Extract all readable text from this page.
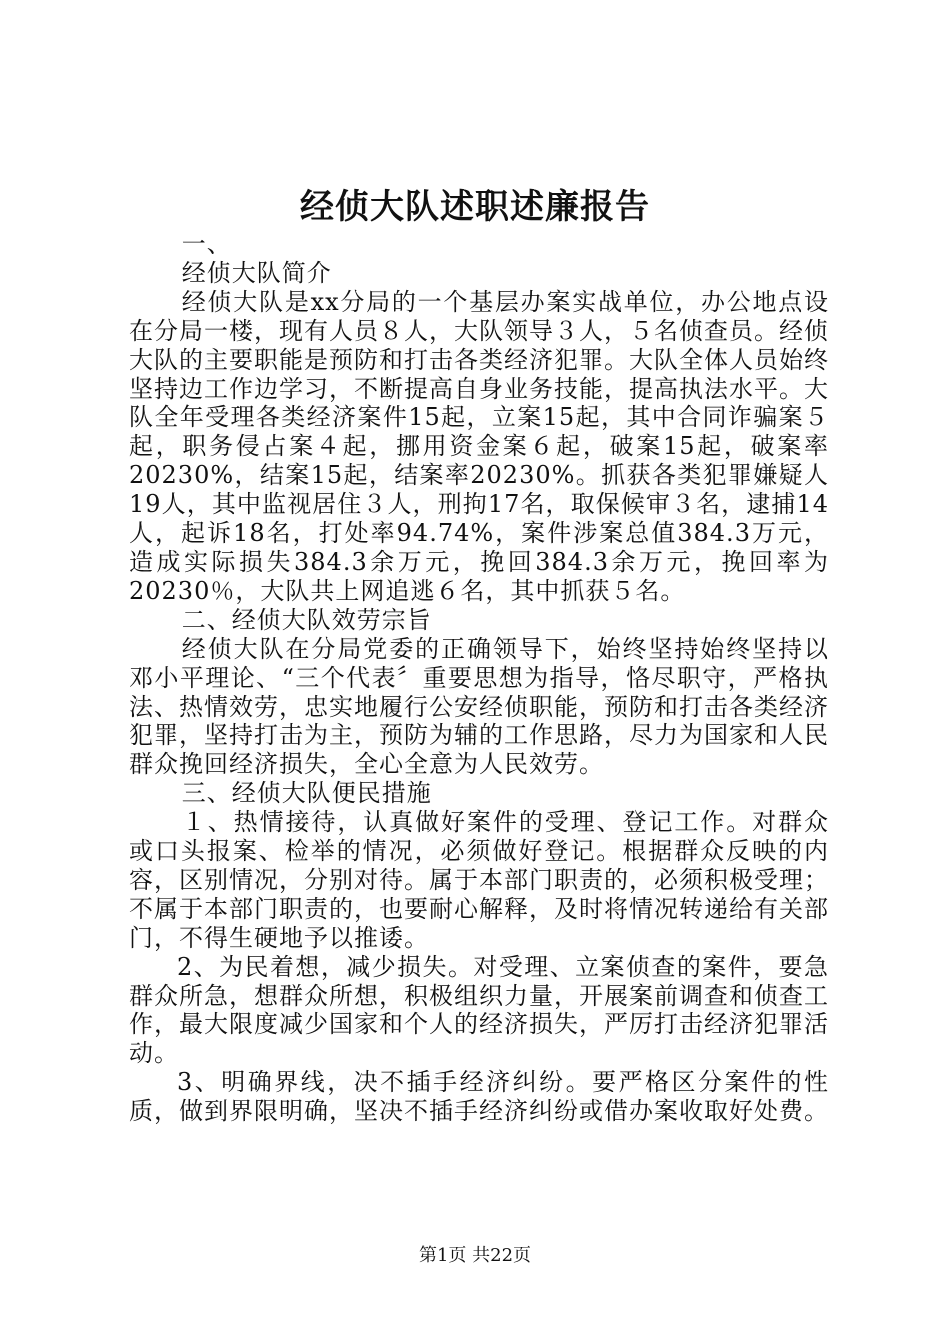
经侦大队述职述廉报告

一、

经侦大队简介

经侦大队是xx分局的一个基层办案实战单位，办公地点设在分局一楼，现有人员８人，大队领导３人，５名侦查员。经侦大队的主要职能是预防和打击各类经济犯罪。大队全体人员始终坚持边工作边学习，不断提高自身业务技能，提高执法水平。大队全年受理各类经济案件15起，立案15起，其中合同诈骗案５起，职务侵占案４起，挪用资金案６起，破案15起，破案率20230%，结案15起，结案率20230%。抓获各类犯罪嫌疑人19人，其中监视居住３人，刑拘17名，取保候审３名，逮捕14人，起诉18名，打处率94.74%，案件涉案总值384.3万元，造成实际损失384.3余万元，挽回384.3余万元，挽回率为20230％，大队共上网追逃６名，其中抓获５名。

二、经侦大队效劳宗旨

经侦大队在分局党委的正确领导下，始终坚持始终坚持以邓小平理论、“三个代表〞重要思想为指导，恪尽职守，严格执法、热情效劳，忠实地履行公安经侦职能，预防和打击各类经济犯罪，坚持打击为主，预防为辅的工作思路，尽力为国家和人民群众挽回经济损失，全心全意为人民效劳。

三、经侦大队便民措施

１、热情接待，认真做好案件的受理、登记工作。对群众或口头报案、检举的情况，必须做好登记。根据群众反映的内容，区别情况，分别对待。属于本部门职责的，必须积极受理；不属于本部门职责的，也要耐心解释，及时将情况转递给有关部门，不得生硬地予以推诿。

2、为民着想，减少损失。对受理、立案侦查的案件，要急群众所急，想群众所想，积极组织力量，开展案前调查和侦查工作，最大限度减少国家和个人的经济损失，严厉打击经济犯罪活动。

3、明确界线，决不插手经济纠纷。要严格区分案件的性质，做到界限明确，坚决不插手经济纠纷或借办案收取好处费。

第1页 共22页
